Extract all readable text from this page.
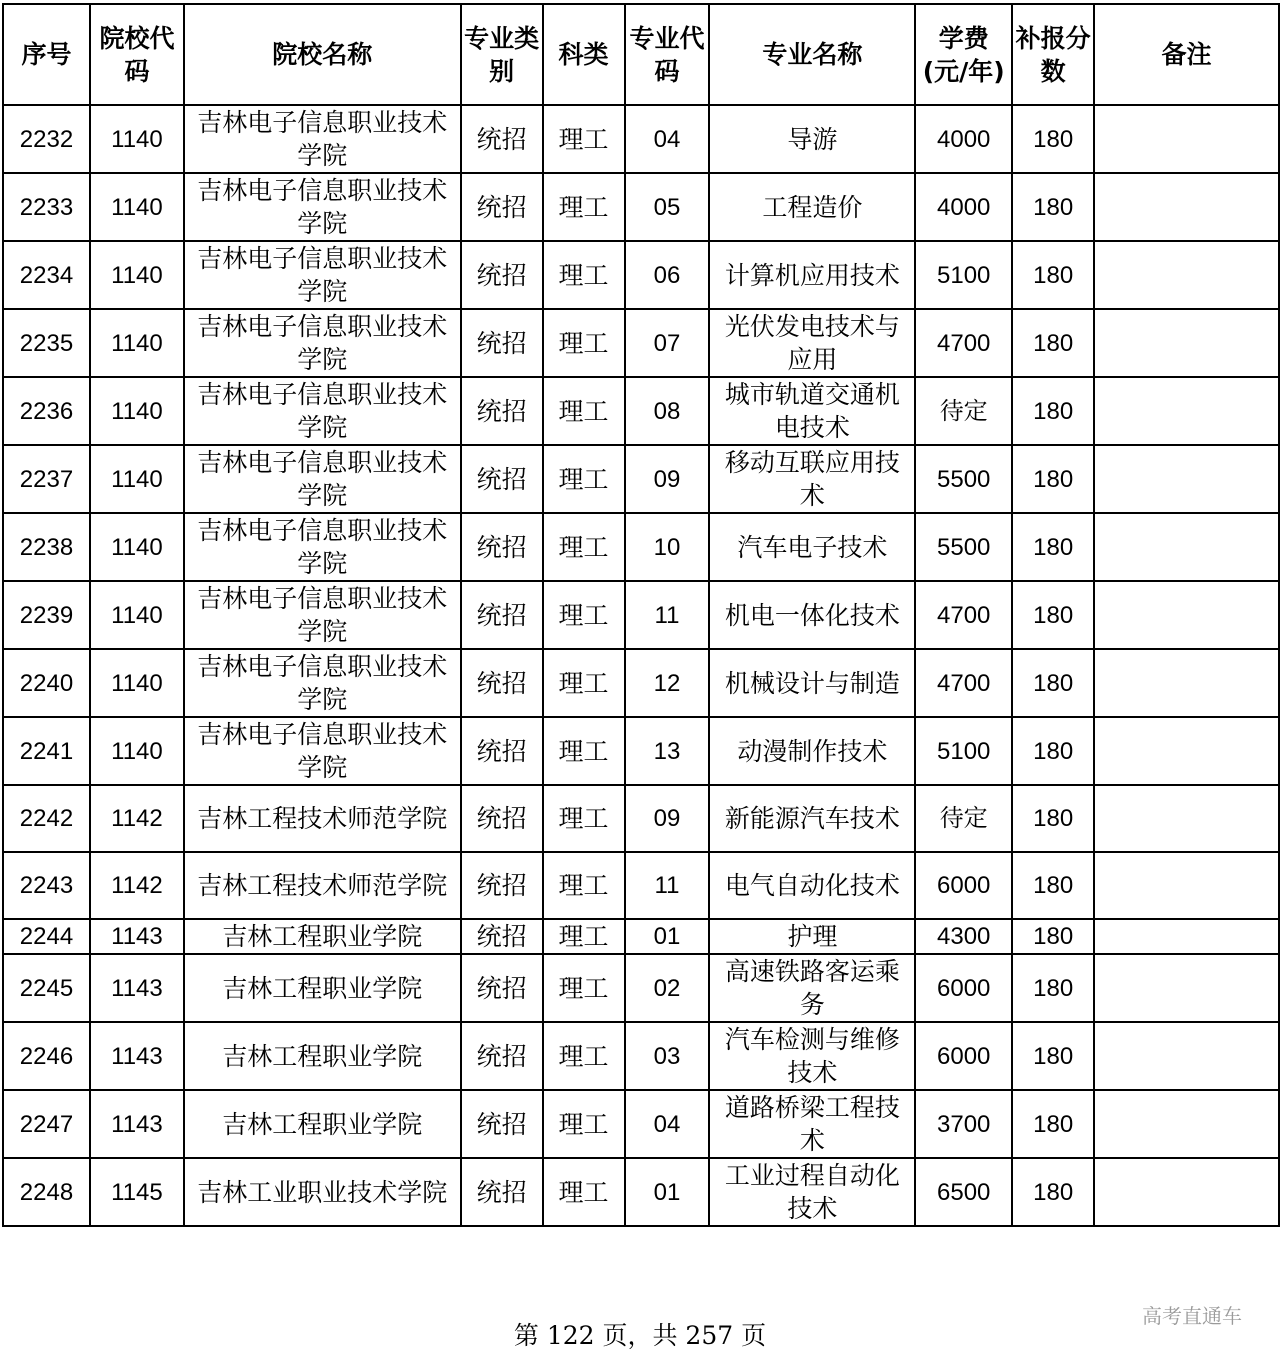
序号	院校代码	院校名称	专业类别	科类	专业代码	专业名称	学费(元/年)	补报分数	备注
2232	1140	吉林电子信息职业技术学院	统招	理工	04	导游	4000	180	
2233	1140	吉林电子信息职业技术学院	统招	理工	05	工程造价	4000	180	
2234	1140	吉林电子信息职业技术学院	统招	理工	06	计算机应用技术	5100	180	
2235	1140	吉林电子信息职业技术学院	统招	理工	07	光伏发电技术与应用	4700	180	
2236	1140	吉林电子信息职业技术学院	统招	理工	08	城市轨道交通机电技术	待定	180	
2237	1140	吉林电子信息职业技术学院	统招	理工	09	移动互联应用技术	5500	180	
2238	1140	吉林电子信息职业技术学院	统招	理工	10	汽车电子技术	5500	180	
2239	1140	吉林电子信息职业技术学院	统招	理工	11	机电一体化技术	4700	180	
2240	1140	吉林电子信息职业技术学院	统招	理工	12	机械设计与制造	4700	180	
2241	1140	吉林电子信息职业技术学院	统招	理工	13	动漫制作技术	5100	180	
2242	1142	吉林工程技术师范学院	统招	理工	09	新能源汽车技术	待定	180	
2243	1142	吉林工程技术师范学院	统招	理工	11	电气自动化技术	6000	180	
2244	1143	吉林工程职业学院	统招	理工	01	护理	4300	180	
2245	1143	吉林工程职业学院	统招	理工	02	高速铁路客运乘务	6000	180	
2246	1143	吉林工程职业学院	统招	理工	03	汽车检测与维修技术	6000	180	
2247	1143	吉林工程职业学院	统招	理工	04	道路桥梁工程技术	3700	180	
2248	1145	吉林工业职业技术学院	统招	理工	01	工业过程自动化技术	6500	180	
第 122 页，共 257 页
高考直通车
